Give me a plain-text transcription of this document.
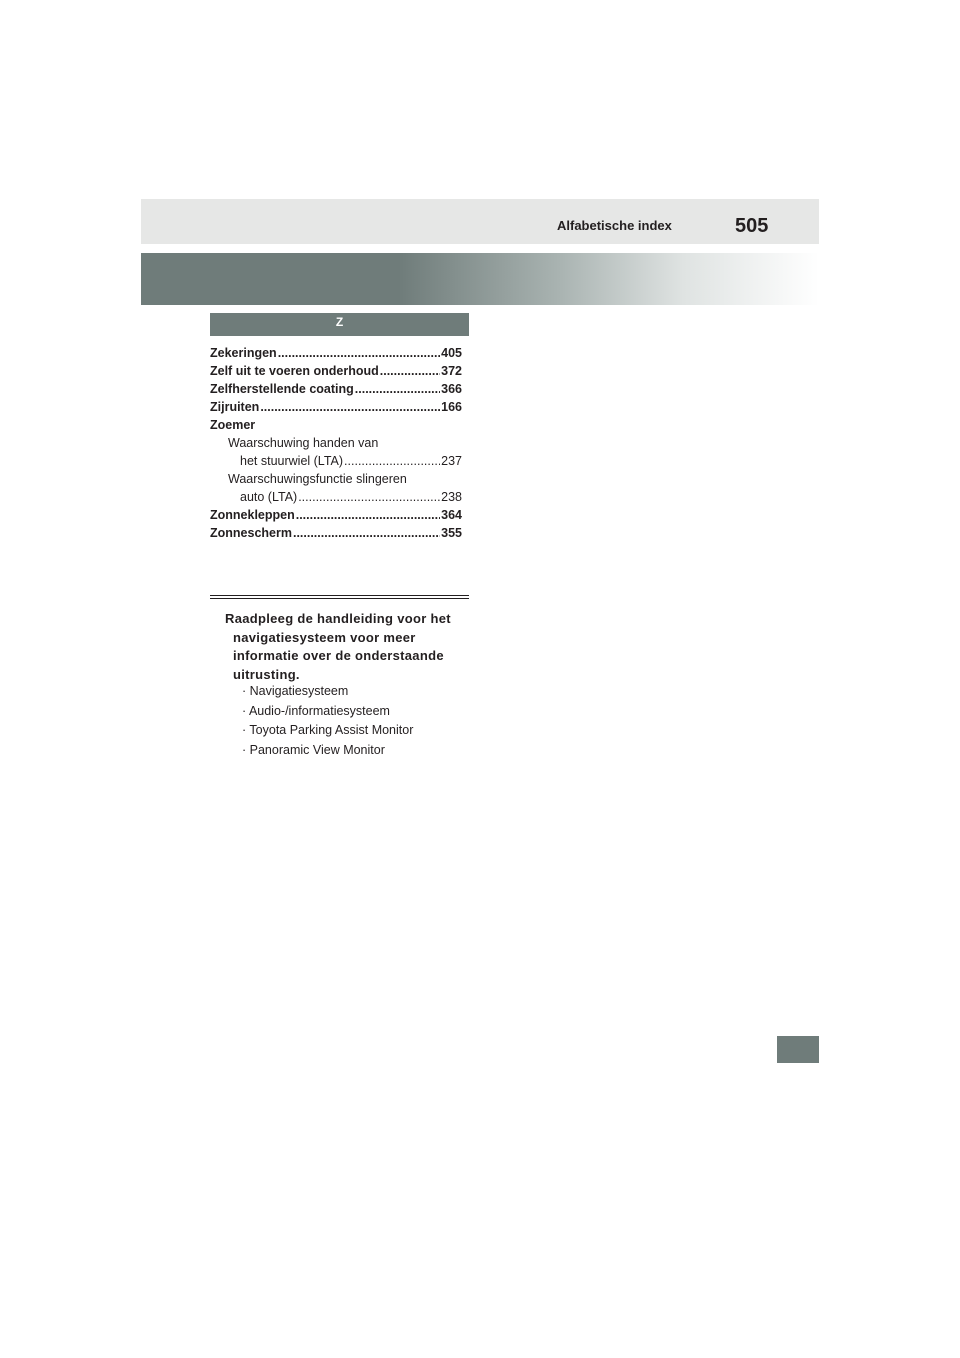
Alfabetische index	505
Z
Zekeringen .....	405
Zelf uit te voeren onderhoud .....	372
Zelfherstellende coating .....	366
Zijruiten .....	166
Zoemer
Waarschuwing handen van
het stuurwiel (LTA) .....	237
Waarschuwingsfunctie slingeren
auto (LTA) .....	238
Zonnekleppen .....	364
Zonnescherm .....	355
Raadpleeg de handleiding voor het navigatiesysteem voor meer informatie over de onderstaande uitrusting.
· Navigatiesysteem
· Audio-/informatiesysteem
· Toyota Parking Assist Monitor
· Panoramic View Monitor
